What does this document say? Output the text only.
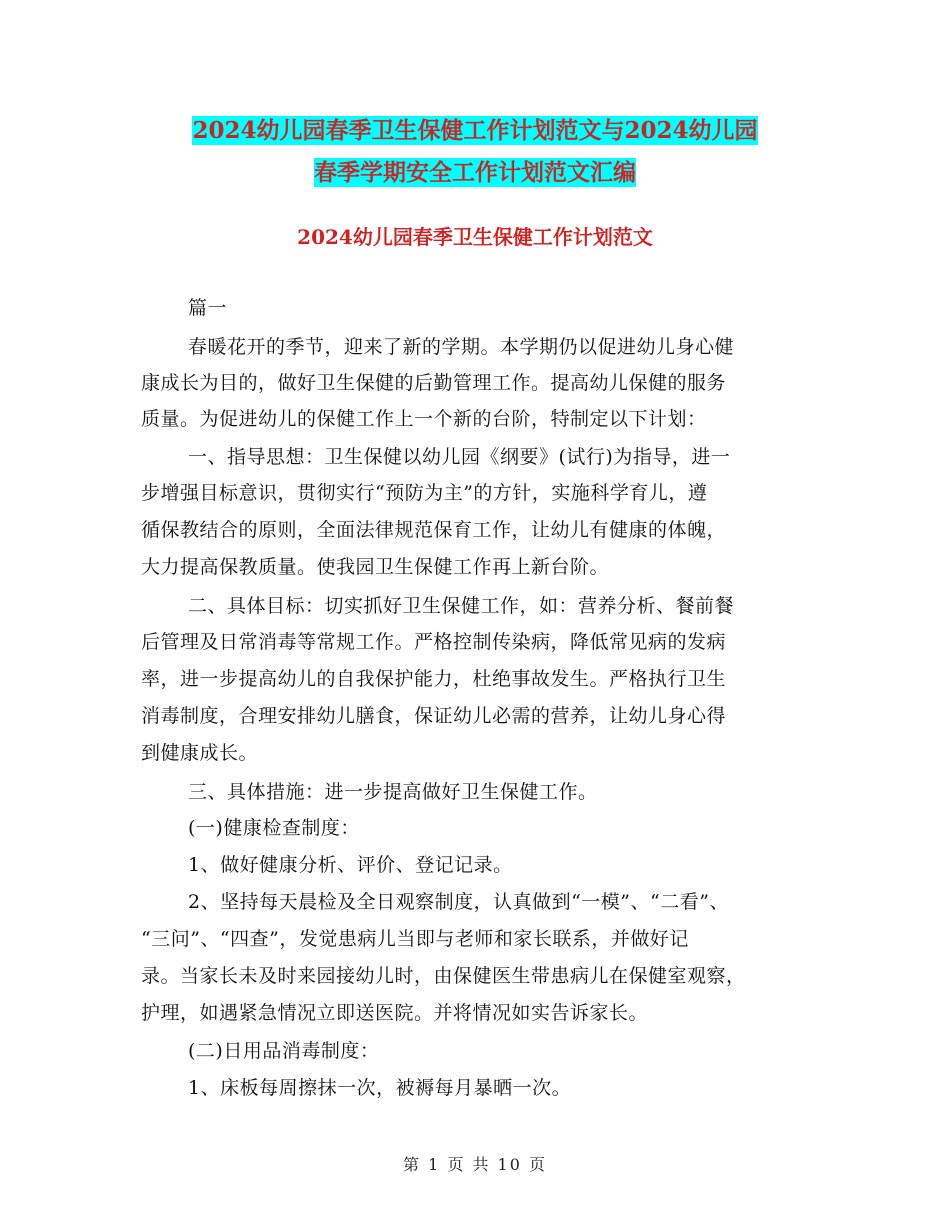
2024幼儿园春季卫生保健工作计划范文与2024幼儿园
春季学期安全工作计划范文汇编
2024幼儿园春季卫生保健工作计划范文
篇一
春暖花开的季节，迎来了新的学期。本学期仍以促进幼儿身心健
康成长为目的，做好卫生保健的后勤管理工作。提高幼儿保健的服务
质量。为促进幼儿的保健工作上一个新的台阶，特制定以下计划：
一、指导思想：卫生保健以幼儿园《纲要》(试行)为指导，进一
步增强目标意识，贯彻实行“预防为主”的方针，实施科学育儿，遵
循保教结合的原则，全面法律规范保育工作，让幼儿有健康的体魄，
大力提高保教质量。使我园卫生保健工作再上新台阶。
二、具体目标：切实抓好卫生保健工作，如：营养分析、餐前餐
后管理及日常消毒等常规工作。严格控制传染病，降低常见病的发病
率，进一步提高幼儿的自我保护能力，杜绝事故发生。严格执行卫生
消毒制度，合理安排幼儿膳食，保证幼儿必需的营养，让幼儿身心得
到健康成长。
三、具体措施：进一步提高做好卫生保健工作。
(一)健康检查制度：
1、做好健康分析、评价、登记记录。
2、坚持每天晨检及全日观察制度，认真做到“一模”、“二看”、
“三问”、“四查”，发觉患病儿当即与老师和家长联系，并做好记
录。当家长未及时来园接幼儿时，由保健医生带患病儿在保健室观察，
护理，如遇紧急情况立即送医院。并将情况如实告诉家长。
(二)日用品消毒制度：
1、床板每周擦抹一次，被褥每月暴晒一次。
第 1 页 共 10 页
